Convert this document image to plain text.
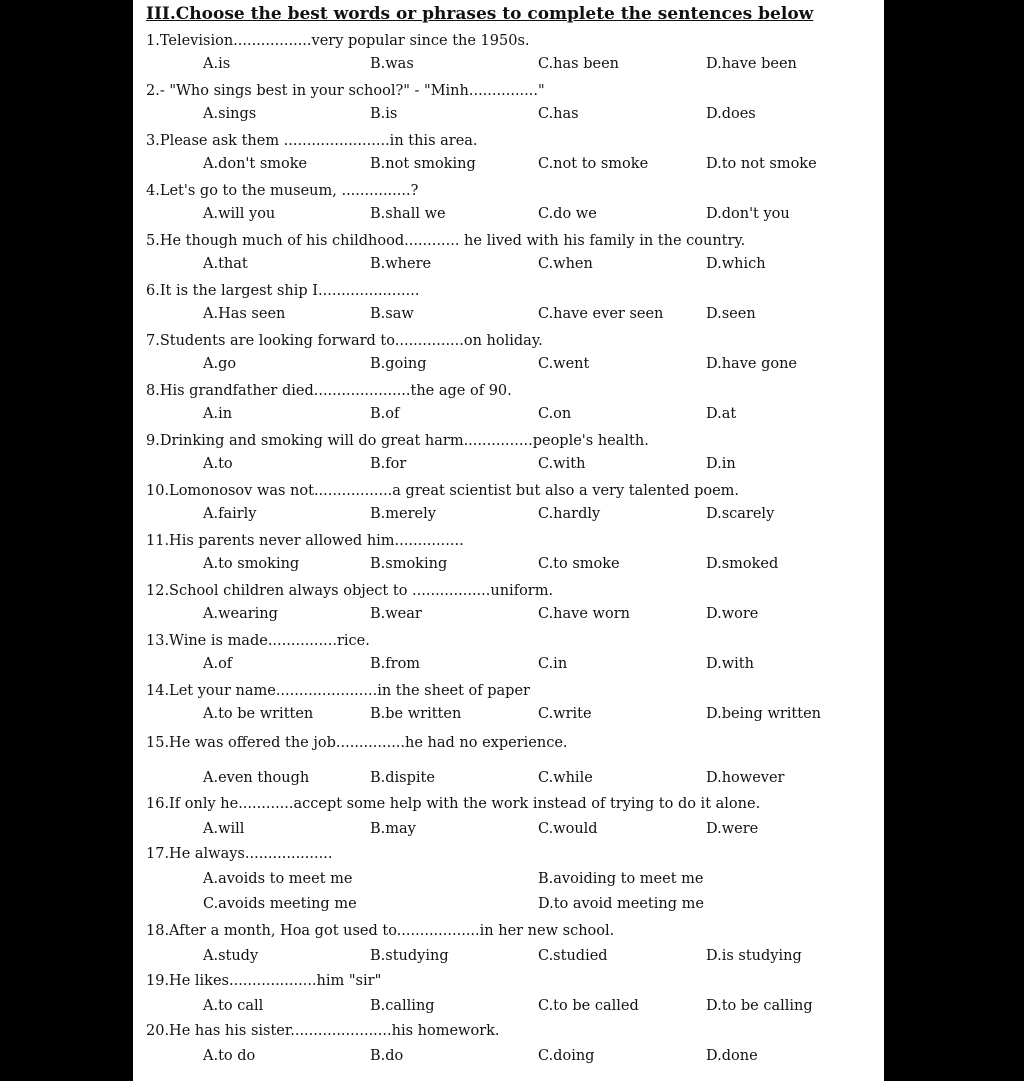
III.Choose the best words or phrases to complete the sentences below
1.Television.................very popular since the 1950s.
A.is	B.was	C.has been	D.have been
2.- "Who sings best in your school?" - "Minh..............."
A.sings	B.is	C.has	D.does
3.Please ask them .......................in this area.
A.don't smoke	B.not smoking	C.not to smoke	D.to not smoke
4.Let's go to the museum, ...............?
A.will you	B.shall we	C.do we	D.don't you
5.He though much of his childhood............ he lived with his family in the country.
A.that	B.where	C.when	D.which
6.It is the largest ship I......................
A.Has seen	B.saw	C.have ever seen	D.seen
7.Students are looking forward to...............on holiday.
A.go	B.going	C.went	D.have gone
8.His grandfather died.....................the age of 90.
A.in	B.of	C.on	D.at
9.Drinking and smoking will do great harm...............people's health.
A.to	B.for	C.with	D.in
10.Lomonosov was not.................a great scientist but also a very talented poem.
A.fairly	B.merely	C.hardly	D.scarely
11.His parents never allowed him...............
A.to smoking	B.smoking	C.to smoke	D.smoked
12.School children always object to .................uniform.
A.wearing	B.wear	C.have worn	D.wore
13.Wine is made...............rice.
A.of	B.from	C.in	D.with
14.Let your name......................in the sheet of paper
A.to be written	B.be written	C.write	D.being written
15.He was offered the job...............he had no experience.
A.even though	B.dispite	C.while	D.however
16.If only he............accept some help with the work instead of trying to do it alone.
A.will	B.may	C.would	D.were
17.He always...................
A.avoids to meet me	B.avoiding to meet me
C.avoids meeting me	D.to avoid meeting me
18.After a month, Hoa got used to..................in her new school.
A.study	B.studying	C.studied	D.is studying
19.He likes...................him "sir"
A.to call	B.calling	C.to be called	D.to be calling
20.He has his sister......................his homework.
A.to do	B.do	C.doing	D.done
